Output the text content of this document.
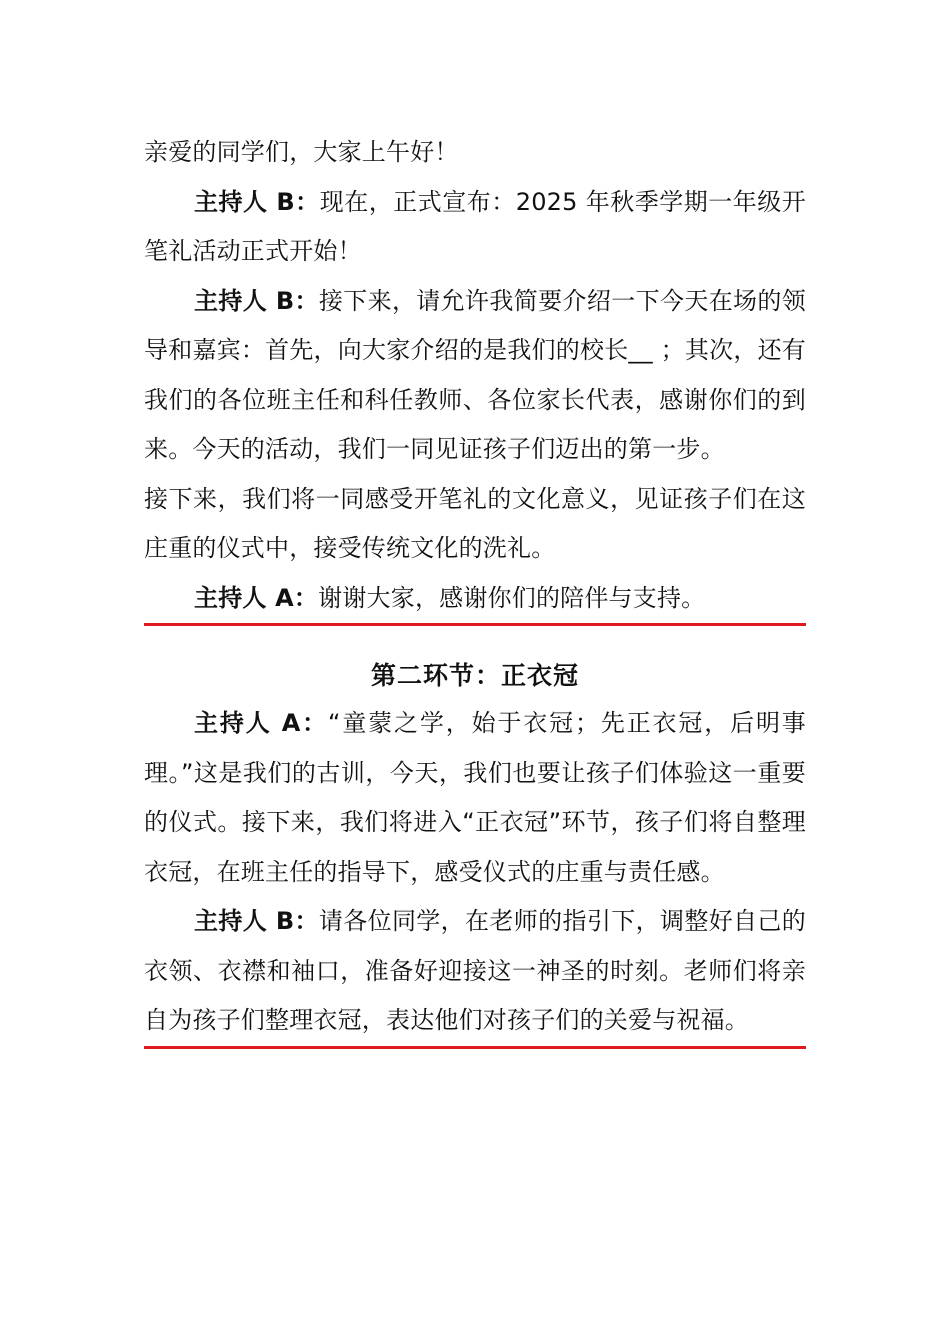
亲爱的同学们，大家上午好！

主持人 B：现在，正式宣布：2025 年秋季学期一年级开笔礼活动正式开始！

主持人 B：接下来，请允许我简要介绍一下今天在场的领导和嘉宾：首先，向大家介绍的是我们的校长__ ；其次，还有我们的各位班主任和科任教师、各位家长代表，感谢你们的到来。今天的活动，我们一同见证孩子们迈出的第一步。

接下来，我们将一同感受开笔礼的文化意义，见证孩子们在这庄重的仪式中，接受传统文化的洗礼。

主持人 A：谢谢大家，感谢你们的陪伴与支持。

第二环节：正衣冠

主持人 A：“童蒙之学，始于衣冠；先正衣冠，后明事理。”这是我们的古训，今天，我们也要让孩子们体验这一重要的仪式。接下来，我们将进入“正衣冠”环节，孩子们将自整理衣冠，在班主任的指导下，感受仪式的庄重与责任感。

主持人 B：请各位同学，在老师的指引下，调整好自己的衣领、衣襟和袖口，准备好迎接这一神圣的时刻。老师们将亲自为孩子们整理衣冠，表达他们对孩子们的关爱与祝福。
